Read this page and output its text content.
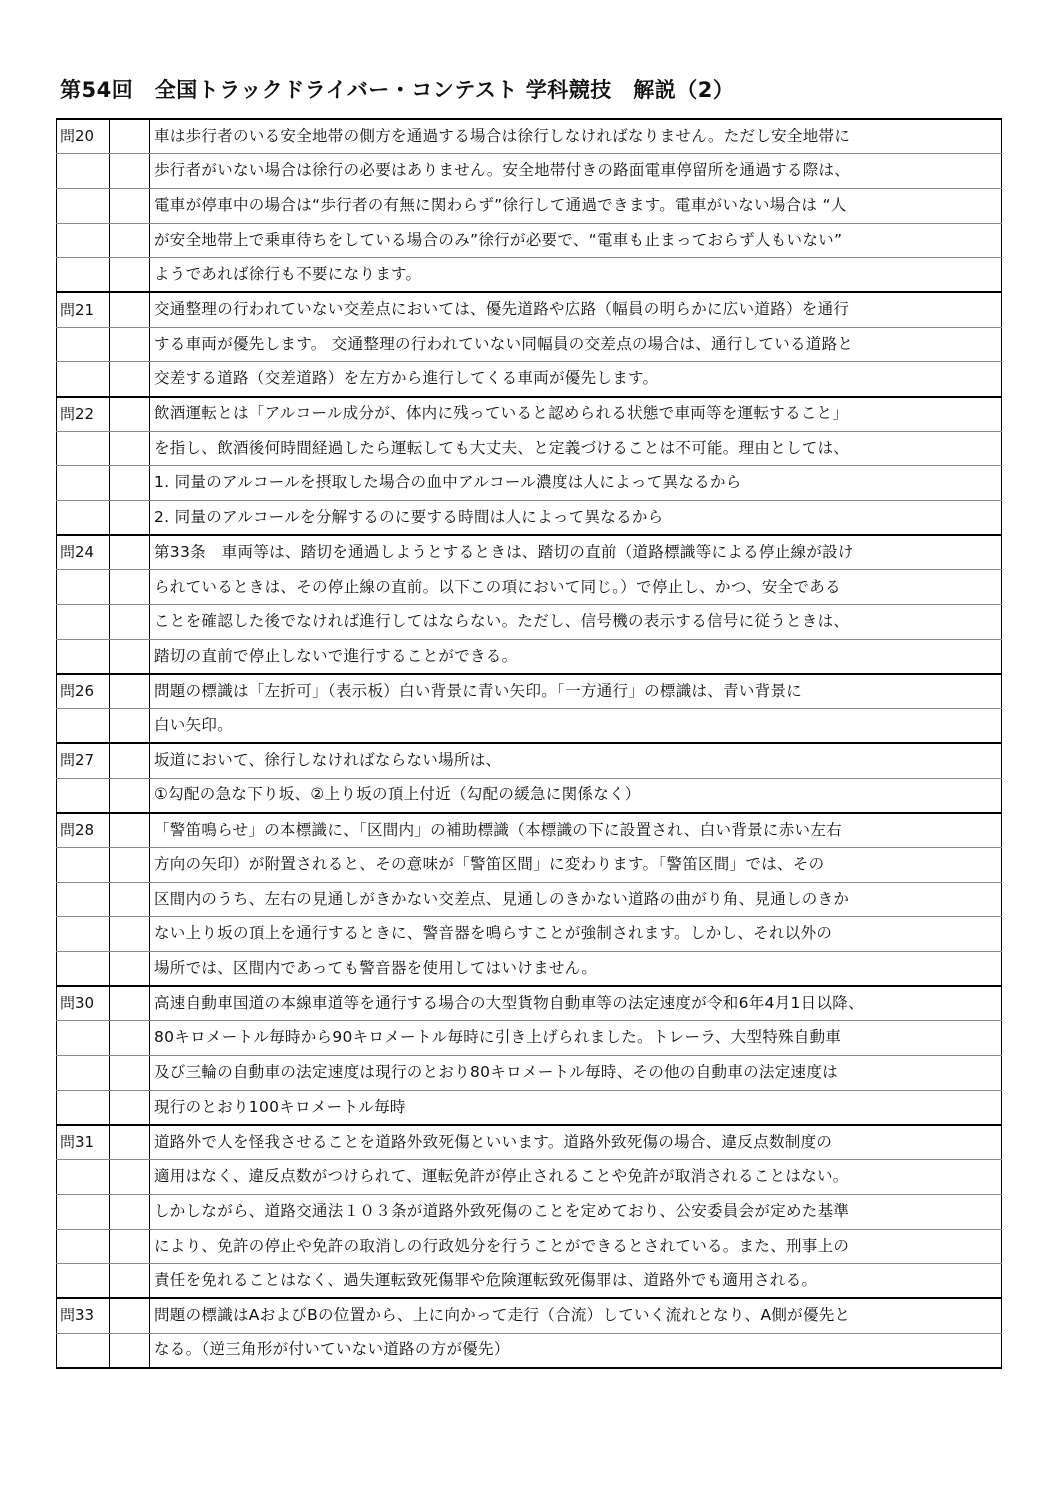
第54回　全国トラックドライバー・コンテスト 学科競技　解説（2）
問20		車は歩行者のいる安全地帯の側方を通過する場合は徐行しなければなりません。ただし安全地帯に
		歩行者がいない場合は徐行の必要はありません。安全地帯付きの路面電車停留所を通過する際は、
		電車が停車中の場合は“歩行者の有無に関わらず”徐行して通過できます。電車がいない場合は “人
		が安全地帯上で乗車待ちをしている場合のみ”徐行が必要で、“電車も止まっておらず人もいない”
		ようであれば徐行も不要になります。
問21		交通整理の行われていない交差点においては、優先道路や広路（幅員の明らかに広い道路）を通行
		する車両が優先します。 交通整理の行われていない同幅員の交差点の場合は、通行している道路と
		交差する道路（交差道路）を左方から進行してくる車両が優先します。
問22		飲酒運転とは「アルコール成分が、体内に残っていると認められる状態で車両等を運転すること」
		を指し、飲酒後何時間経過したら運転しても大丈夫、と定義づけることは不可能。理由としては、
		1. 同量のアルコールを摂取した場合の血中アルコール濃度は人によって異なるから
		2. 同量のアルコールを分解するのに要する時間は人によって異なるから
問24		第33条　車両等は、踏切を通過しようとするときは、踏切の直前（道路標識等による停止線が設け
		られているときは、その停止線の直前。以下この項において同じ。）で停止し、かつ、安全である
		ことを確認した後でなければ進行してはならない。ただし、信号機の表示する信号に従うときは、
		踏切の直前で停止しないで進行することができる。
問26		問題の標識は「左折可」（表示板）白い背景に青い矢印。「一方通行」の標識は、青い背景に
		白い矢印。
問27		坂道において、徐行しなければならない場所は、
		①勾配の急な下り坂、②上り坂の頂上付近（勾配の緩急に関係なく）
問28		「警笛鳴らせ」の本標識に、「区間内」の補助標識（本標識の下に設置され、白い背景に赤い左右
		方向の矢印）が附置されると、その意味が「警笛区間」に変わります。「警笛区間」では、その
		区間内のうち、左右の見通しがきかない交差点、見通しのきかない道路の曲がり角、見通しのきか
		ない上り坂の頂上を通行するときに、警音器を鳴らすことが強制されます。しかし、それ以外の
		場所では、区間内であっても警音器を使用してはいけません。
問30		高速自動車国道の本線車道等を通行する場合の大型貨物自動車等の法定速度が令和6年4月1日以降、
		80キロメートル毎時から90キロメートル毎時に引き上げられました。トレーラ、大型特殊自動車
		及び三輪の自動車の法定速度は現行のとおり80キロメートル毎時、その他の自動車の法定速度は
		現行のとおり100キロメートル毎時
問31		道路外で人を怪我させることを道路外致死傷といいます。道路外致死傷の場合、違反点数制度の
		適用はなく、違反点数がつけられて、運転免許が停止されることや免許が取消されることはない。
		しかしながら、道路交通法１０３条が道路外致死傷のことを定めており、公安委員会が定めた基準
		により、免許の停止や免許の取消しの行政処分を行うことができるとされている。また、刑事上の
		責任を免れることはなく、過失運転致死傷罪や危険運転致死傷罪は、道路外でも適用される。
問33		問題の標識はAおよびBの位置から、上に向かって走行（合流）していく流れとなり、A側が優先と
		なる。（逆三角形が付いていない道路の方が優先）
